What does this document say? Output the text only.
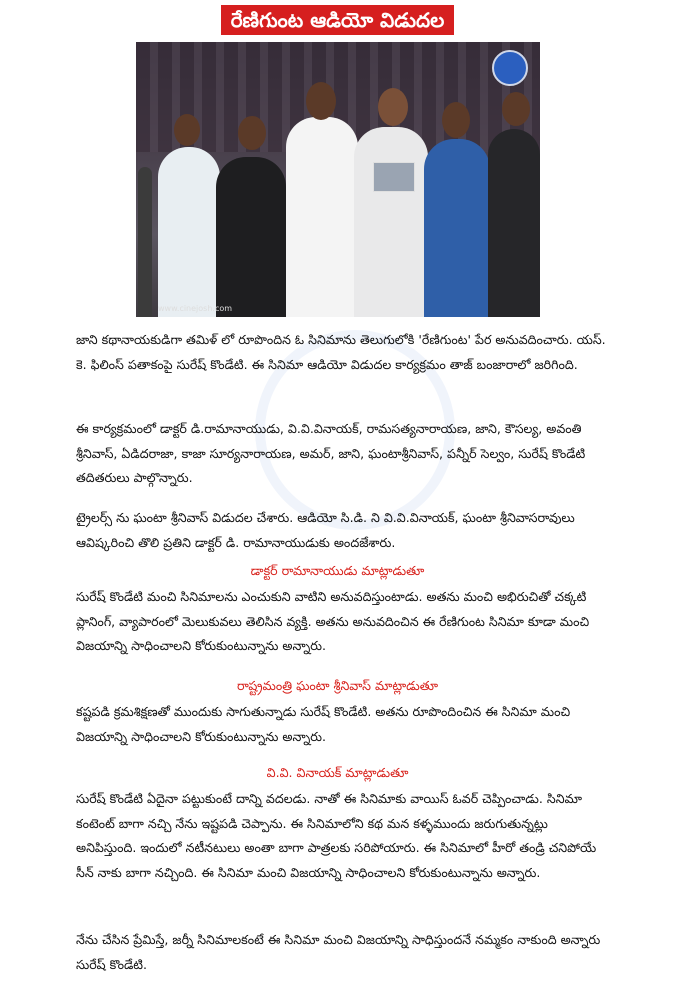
రేణిగుంట ఆడియో విడుదల
www.cinejosh.com

జాని కథానాయకుడిగా తమిళ్ లో రూపొందిన ఓ సినిమాను తెలుగులోకి 'రేణిగుంట' పేర అనువదించారు. యస్. కె. ఫిలింస్ పతాకంపై సురేష్ కొండేటి. ఈ సినిమా ఆడియో విడుదల కార్యక్రమం తాజ్ బంజారాలో జరిగింది.

ఈ కార్యక్రమంలో డాక్టర్ డి.రామానాయుడు, వి.వి.వినాయక్, రామసత్యనారాయణ, జాని, కౌసల్య, అవంతి శ్రీనివాస్, ఏడిదరాజా, కాజా సూర్యనారాయణ, అమర్, జాని, ఘంటాశ్రీనివాస్, పన్నీర్ సెల్వం, సురేష్ కొండేటి తదితరులు పాల్గొన్నారు.

ట్రైలర్స్ ను ఘంటా శ్రీనివాస్ విడుదల చేశారు. ఆడియో సి.డి. ని వి.వి.వినాయక్, ఘంటా శ్రీనివాసరావులు ఆవిష్కరించి తొలి ప్రతిని డాక్టర్ డి. రామానాయుడుకు అందజేశారు.

డాక్టర్ రామానాయుడు మాట్లాడుతూ

సురేష్ కొండేటి మంచి సినిమాలను ఎంచుకుని వాటిని అనువదిస్తుంటాడు. అతను మంచి అభిరుచితో చక్కటి ప్లానింగ్, వ్యాపారంలో మెలుకువలు తెలిసిన వ్యక్తి. అతను అనువదించిన ఈ రేణిగుంట సినిమా కూడా మంచి విజయాన్ని సాధించాలని కోరుకుంటున్నాను అన్నారు.

రాష్ట్రమంత్రి ఘంటా శ్రీనివాస్ మాట్లాడుతూ

కష్టపడి క్రమశిక్షణతో ముందుకు సాగుతున్నాడు సురేష్ కొండేటి. అతను రూపొందించిన ఈ సినిమా మంచి విజయాన్ని సాధించాలని కోరుకుంటున్నాను అన్నారు.

వి.వి. వినాయక్ మాట్లాడుతూ

సురేష్ కొండేటి ఏదైనా పట్టుకుంటే దాన్ని వదలడు. నాతో ఈ సినిమాకు వాయిస్ ఓవర్ చెప్పించాడు. సినిమా కంటెంట్ బాగా నచ్చి నేను ఇష్టపడి చెప్పాను. ఈ సినిమాలోని కథ మన కళ్ళముందు జరుగుతున్నట్లు అనిపిస్తుంది. ఇందులో నటీనటులు అంతా బాగా పాత్రలకు సరిపోయారు. ఈ సినిమాలో హీరో తండ్రి చనిపోయే సీన్ నాకు బాగా నచ్చింది. ఈ సినిమా మంచి విజయాన్ని సాధించాలని కోరుకుంటున్నాను అన్నారు.

నేను చేసిన ప్రేమిస్తే, జర్నీ సినిమాలకంటే ఈ సినిమా మంచి విజయాన్ని సాధిస్తుందనే నమ్మకం నాకుంది అన్నారు సురేష్ కొండేటి.
